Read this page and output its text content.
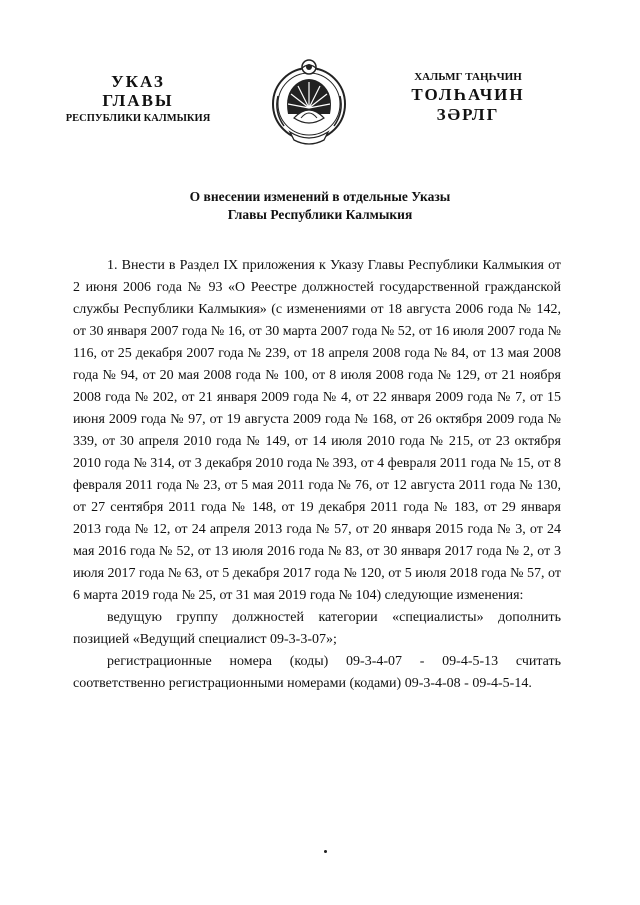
УКАЗ
ГЛАВЫ
РЕСПУБЛИКИ КАЛМЫКИЯ
ХАЛЬМГ ТАҢҺЧИН
ТОЛҺАЧИН
ЗӘРЛГ
О внесении изменений в отдельные Указы
Главы Республики Калмыкия

1. Внести в Раздел IX приложения к Указу Главы Республики Калмыкия от 2 июня 2006 года № 93 «О Реестре должностей государственной гражданской службы Республики Калмыкия» (с изменениями от 18 августа 2006 года № 142, от 30 января 2007 года № 16, от 30 марта 2007 года № 52, от 16 июля 2007 года № 116, от 25 декабря 2007 года № 239, от 18 апреля 2008 года № 84, от 13 мая 2008 года № 94, от 20 мая 2008 года № 100, от 8 июля 2008 года № 129, от 21 ноября 2008 года № 202, от 21 января 2009 года № 4, от 22 января 2009 года № 7, от 15 июня 2009 года № 97, от 19 августа 2009 года № 168, от 26 октября 2009 года № 339, от 30 апреля 2010 года № 149, от 14 июля 2010 года № 215, от 23 октября 2010 года № 314, от 3 декабря 2010 года № 393, от 4 февраля 2011 года № 15, от 8 февраля 2011 года № 23, от 5 мая 2011 года № 76, от 12 августа 2011 года № 130, от 27 сентября 2011 года № 148, от 19 декабря 2011 года № 183, от 29 января 2013 года № 12, от 24 апреля 2013 года № 57, от 20 января 2015 года № 3, от 24 мая 2016 года № 52, от 13 июля 2016 года № 83, от 30 января 2017 года № 2, от 3 июля 2017 года № 63, от 5 декабря 2017 года № 120, от 5 июля 2018 года № 57, от 6 марта 2019 года № 25, от 31 мая 2019 года № 104) следующие изменения:

ведущую группу должностей категории «специалисты» дополнить позицией «Ведущий специалист 09-3-3-07»;

регистрационные номера (коды) 09-3-4-07 - 09-4-5-13 считать соответственно регистрационными номерами (кодами) 09-3-4-08 - 09-4-5-14.
